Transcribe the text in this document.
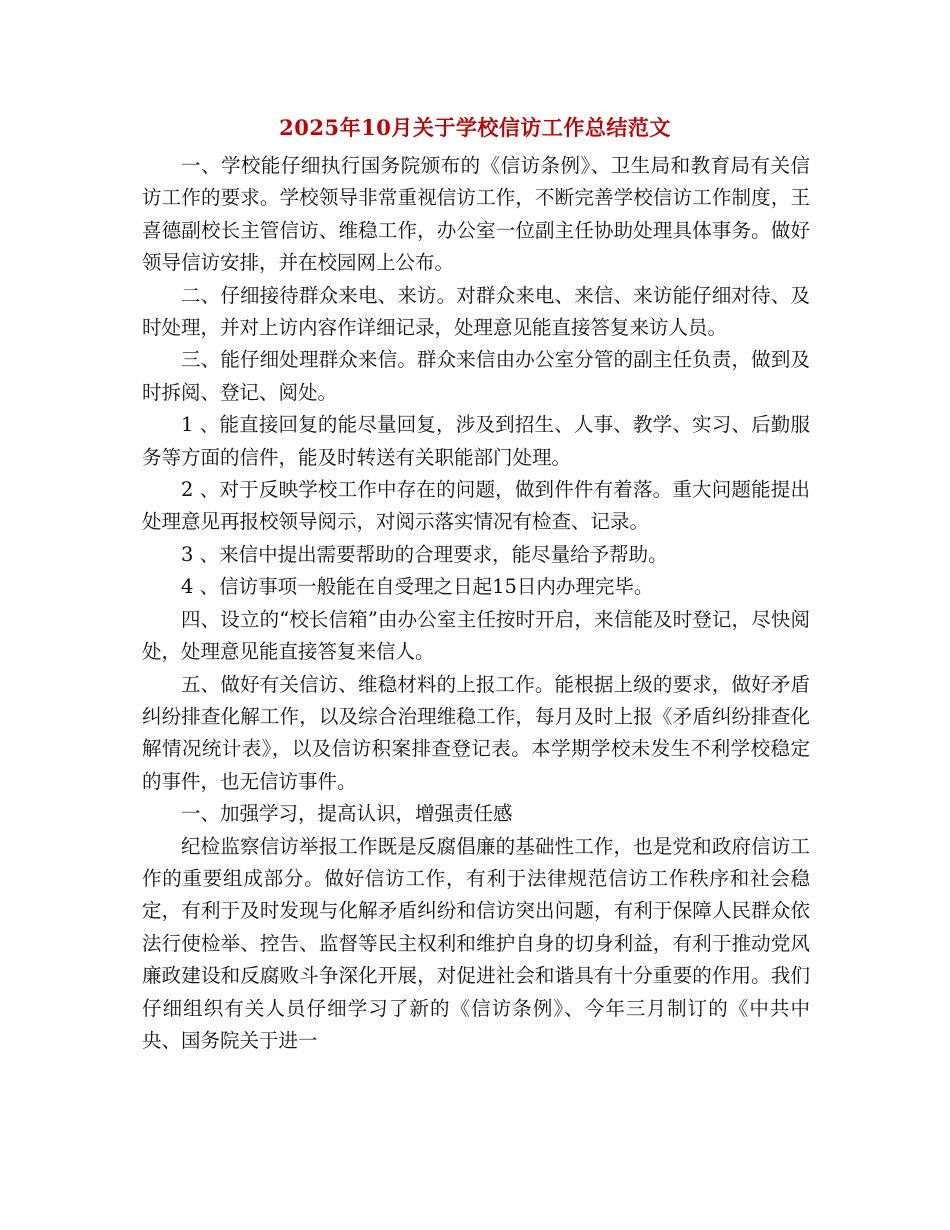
2025年10月关于学校信访工作总结范文

一、学校能仔细执行国务院颁布的《信访条例》、卫生局和教育局有关信访工作的要求。学校领导非常重视信访工作，不断完善学校信访工作制度，王喜德副校长主管信访、维稳工作，办公室一位副主任协助处理具体事务。做好领导信访安排，并在校园网上公布。

二、仔细接待群众来电、来访。对群众来电、来信、来访能仔细对待、及时处理，并对上访内容作详细记录，处理意见能直接答复来访人员。

三、能仔细处理群众来信。群众来信由办公室分管的副主任负责，做到及时拆阅、登记、阅处。

1 、能直接回复的能尽量回复，涉及到招生、人事、教学、实习、后勤服务等方面的信件，能及时转送有关职能部门处理。

2 、对于反映学校工作中存在的问题，做到件件有着落。重大问题能提出处理意见再报校领导阅示，对阅示落实情况有检查、记录。

3 、来信中提出需要帮助的合理要求，能尽量给予帮助。

4 、信访事项一般能在自受理之日起15日内办理完毕。

四、设立的“校长信箱”由办公室主任按时开启，来信能及时登记，尽快阅处，处理意见能直接答复来信人。

五、做好有关信访、维稳材料的上报工作。能根据上级的要求，做好矛盾纠纷排查化解工作，以及综合治理维稳工作，每月及时上报《矛盾纠纷排查化解情况统计表》，以及信访积案排查登记表。本学期学校未发生不利学校稳定的事件，也无信访事件。

一、加强学习，提高认识，增强责任感

纪检监察信访举报工作既是反腐倡廉的基础性工作，也是党和政府信访工作的重要组成部分。做好信访工作，有利于法律规范信访工作秩序和社会稳定，有利于及时发现与化解矛盾纠纷和信访突出问题，有利于保障人民群众依法行使检举、控告、监督等民主权利和维护自身的切身利益，有利于推动党风廉政建设和反腐败斗争深化开展，对促进社会和谐具有十分重要的作用。我们仔细组织有关人员仔细学习了新的《信访条例》、今年三月制订的《中共中央、国务院关于进一
